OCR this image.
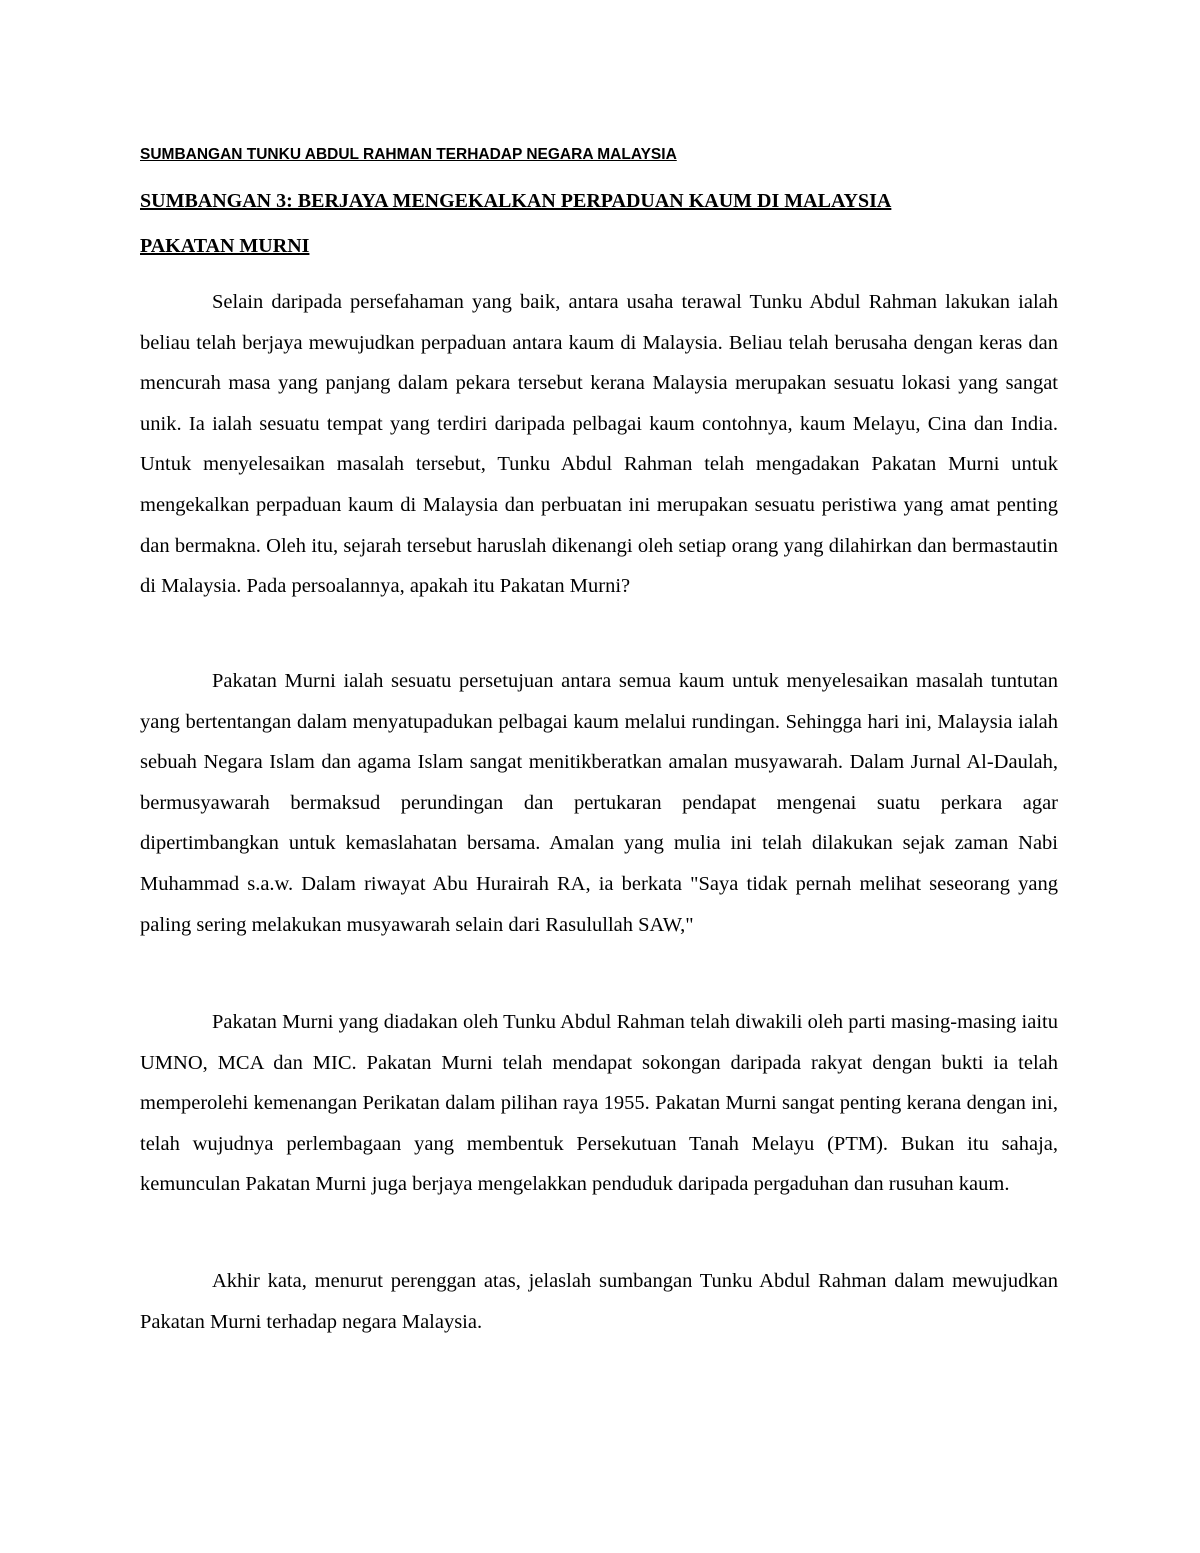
SUMBANGAN TUNKU ABDUL RAHMAN TERHADAP NEGARA MALAYSIA
SUMBANGAN 3: BERJAYA MENGEKALKAN PERPADUAN KAUM DI MALAYSIA
PAKATAN MURNI

Selain daripada persefahaman yang baik, antara usaha terawal Tunku Abdul Rahman lakukan ialah beliau telah berjaya mewujudkan perpaduan antara kaum di Malaysia. Beliau telah berusaha dengan keras dan mencurah masa yang panjang dalam pekara tersebut kerana Malaysia merupakan sesuatu lokasi yang sangat unik. Ia ialah sesuatu tempat yang terdiri daripada pelbagai kaum contohnya, kaum Melayu, Cina dan India. Untuk menyelesaikan masalah tersebut, Tunku Abdul Rahman telah mengadakan Pakatan Murni untuk mengekalkan perpaduan kaum di Malaysia dan perbuatan ini merupakan sesuatu peristiwa yang amat penting dan bermakna. Oleh itu, sejarah tersebut haruslah dikenangi oleh setiap orang yang dilahirkan dan bermastautin di Malaysia. Pada persoalannya, apakah itu Pakatan Murni?

Pakatan Murni ialah sesuatu persetujuan antara semua kaum untuk menyelesaikan masalah tuntutan yang bertentangan dalam menyatupadukan pelbagai kaum melalui rundingan. Sehingga hari ini, Malaysia ialah sebuah Negara Islam dan agama Islam sangat menitikberatkan amalan musyawarah. Dalam Jurnal Al-Daulah, bermusyawarah bermaksud perundingan dan pertukaran pendapat mengenai suatu perkara agar dipertimbangkan untuk kemaslahatan bersama. Amalan yang mulia ini telah dilakukan sejak zaman Nabi Muhammad s.a.w. Dalam riwayat Abu Hurairah RA, ia berkata "Saya tidak pernah melihat seseorang yang paling sering melakukan musyawarah selain dari Rasulullah SAW,"

Pakatan Murni yang diadakan oleh Tunku Abdul Rahman telah diwakili oleh parti masing-masing iaitu UMNO, MCA dan MIC. Pakatan Murni telah mendapat sokongan daripada rakyat dengan bukti ia telah memperolehi kemenangan Perikatan dalam pilihan raya 1955. Pakatan Murni sangat penting kerana dengan ini, telah wujudnya perlembagaan yang membentuk Persekutuan Tanah Melayu (PTM). Bukan itu sahaja, kemunculan Pakatan Murni juga berjaya mengelakkan penduduk daripada pergaduhan dan rusuhan kaum.

Akhir kata, menurut perenggan atas, jelaslah sumbangan Tunku Abdul Rahman dalam mewujudkan Pakatan Murni terhadap negara Malaysia.
